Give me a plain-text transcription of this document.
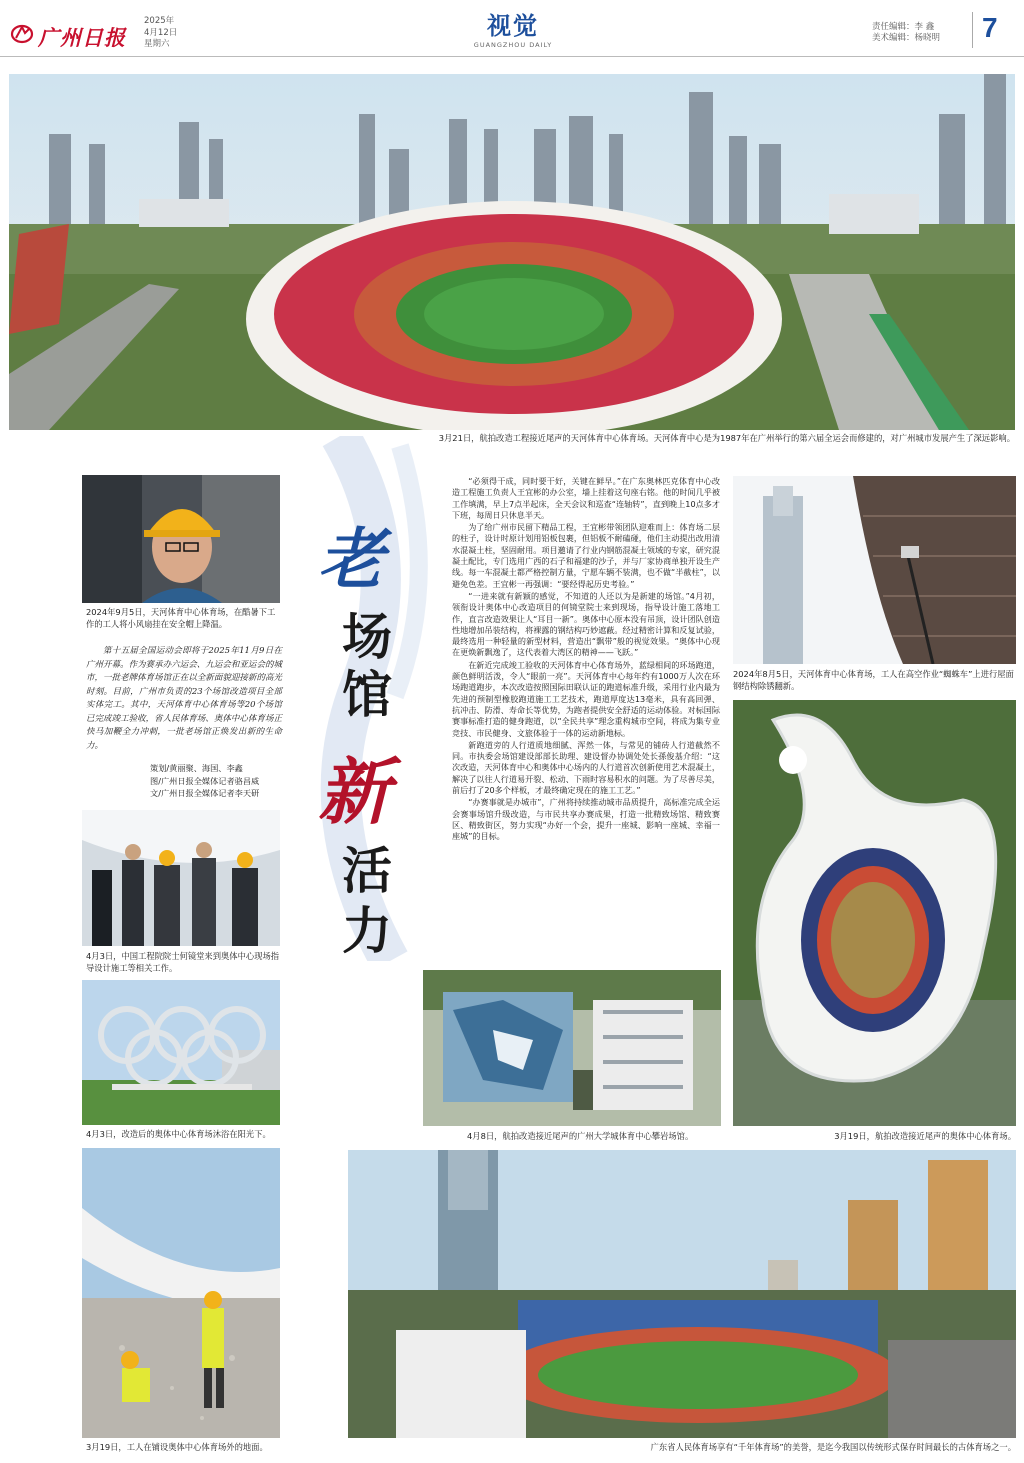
广州日报
2025年
4月12日
星期六
视觉
GUANGZHOU DAILY
责任编辑：李 鑫
美术编辑：杨晓明	7
3月21日，航拍改造工程接近尾声的天河体育中心体育场。天河体育中心是为1987年在广州举行的第六届全运会而修建的，对广州城市发展产生了深远影响。
2024年9月5日，天河体育中心体育场，在酷暑下工作的工人将小风扇挂在安全帽上降温。

第十五届全国运动会即将于2025年11月9日在广州开幕。作为赛承办六运会、九运会和亚运会的城市，一批老牌体育场馆正在以全新面貌迎接新的高光时刻。目前，广州市负责的23个场馆改造项目全部实体完工。其中，天河体育中心体育场等20个场馆已完成竣工验收，省人民体育场、奥体中心体育场正快马加鞭全力冲刺，一批老场馆正焕发出新的生命力。

策划/黄丽聚、海国、李鑫
图/广州日报全媒体记者骆昌威
文/广州日报全媒体记者李天研
4月3日，中国工程院院士何镜堂来到奥体中心现场指导设计施工等相关工作。
4月3日，改造后的奥体中心体育场沐浴在阳光下。
3月19日，工人在铺设奥体中心体育场外的地面。
老
场
馆
新
活
力

“必须得干成，同时要干好，关键在鲜早。”在广东奥林匹克体育中心改造工程施工负责人王宜彬的办公室，墙上挂着这句座右铭。他的时间几乎被工作填满，早上7点半起床，全天会议和巡查“连轴转”，直到晚上10点多才下班，每周日只休息半天。

为了给广州市民留下精品工程，王宜彬带领团队迎难而上：体育场二层的柱子，设计时原计划用铝板包裹，但铝板不耐磕碰，他们主动提出改用清水混凝土柱，坚固耐用。项目邀请了行业内钢筋混凝土领域的专家，研究混凝土配比，专门选用广西的石子和福建的沙子，并与厂家协商单独开设生产线。每一车混凝土都严格控制方量，宁愿车辆不装满，也不做“半截柱”，以避免色差。王宜彬一再强调：“要经得起历史考验。”

“一进来就有新颖的感觉，不知道的人还以为是新建的场馆。”4月初，领衔设计奥体中心改造项目的何镜堂院士来到现场，指导设计施工落地工作，直言改造效果让人“耳目一新”。奥体中心原本没有吊顶，设计团队创造性地增加吊装结构，将裸露的钢结构巧妙遮蔽。经过精密计算和反复试验，最终选用一种轻量的新型材料，营造出“飘带”般的视觉效果。“奥体中心现在更焕新飘逸了，这代表着大湾区的精神——飞跃。”

在新近完成竣工验收的天河体育中心体育场外，蓝绿相间的环场跑道，颜色鲜明活泼，令人“眼前一亮”。天河体育中心每年约有1000万人次在环场跑道跑步，本次改造按照国际田联认证的跑道标准升级，采用行业内最为先进的预制型橡胶跑道施工工艺技术，跑道厚度达13毫米，具有高回弹、抗冲击、防滑、寿命长等优势，为跑者提供安全舒适的运动体验。对标国际赛事标准打造的健身跑道，以“全民共享”理念重构城市空间，将成为集专业竞技、市民健身、文旅体验于一体的运动新地标。

新跑道旁的人行道质地细腻、浑然一体，与常见的铺砖人行道截然不同。市执委会场馆建设部部长助理、建设督办协调处处长孫俊基介绍：“这次改造，天河体育中心和奥体中心场内的人行道首次创新使用艺术混凝土，解决了以往人行道易开裂、松动、下雨时容易积水的问题。为了尽善尽美，前后打了20多个样板，才最终确定现在的施工工艺。”

“办赛事就是办城市”，广州将持续推动城市品质提升，高标准完成全运会赛事场馆升级改造，与市民共享办赛成果，打造一批精致场馆、精致赛区、精致街区，努力实现“办好一个会，提升一座城、影响一座城、幸福一座城”的目标。

2024年8月5日，天河体育中心体育场，工人在高空作业“蜘蛛车”上进行屋面钢结构除锈翻新。
4月8日，航拍改造接近尾声的广州大学城体育中心攀岩场馆。	3月19日，航拍改造接近尾声的奥体中心体育场。
广东省人民体育场享有“千年体育场”的美誉，是迄今我国以传统形式保存时间最长的古体育场之一。
